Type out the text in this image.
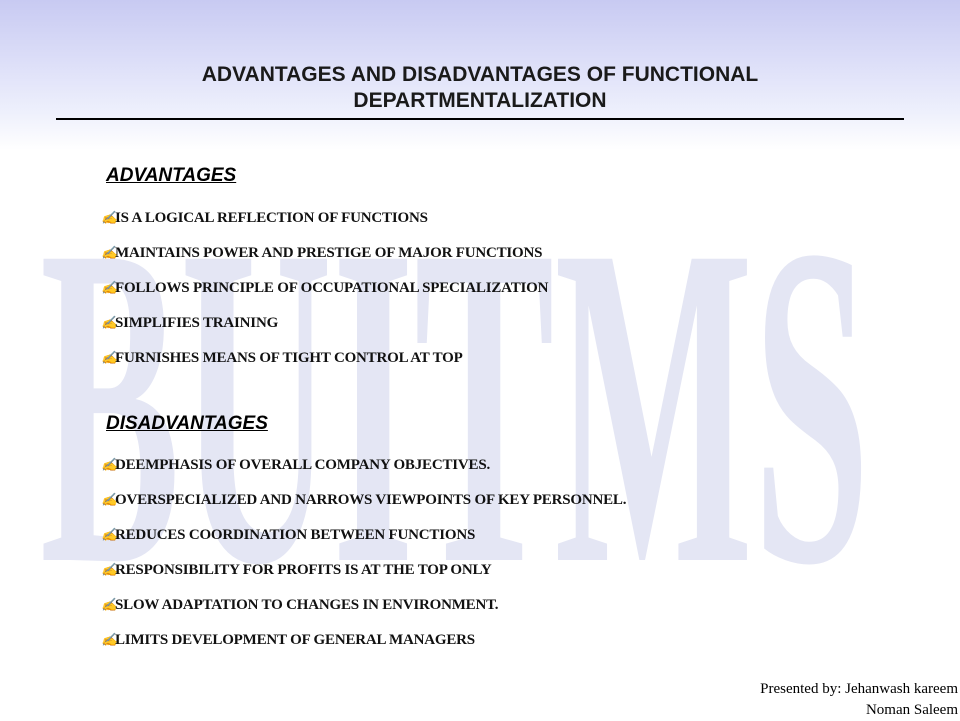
BUITMS
ADVANTAGES AND DISADVANTAGES OF FUNCTIONAL
DEPARTMENTALIZATION
ADVANTAGES
✍
IS A LOGICAL REFLECTION OF FUNCTIONS
✍
MAINTAINS POWER AND PRESTIGE OF MAJOR FUNCTIONS
✍
FOLLOWS PRINCIPLE OF OCCUPATIONAL SPECIALIZATION
✍
SIMPLIFIES TRAINING
✍
FURNISHES MEANS OF TIGHT CONTROL AT TOP
DISADVANTAGES
✍
DEEMPHASIS OF OVERALL COMPANY OBJECTIVES.
✍
OVERSPECIALIZED AND NARROWS VIEWPOINTS OF KEY PERSONNEL.
✍
REDUCES COORDINATION BETWEEN FUNCTIONS
✍
RESPONSIBILITY FOR PROFITS IS AT THE TOP ONLY
✍
SLOW ADAPTATION TO CHANGES IN ENVIRONMENT.
✍
LIMITS DEVELOPMENT OF GENERAL MANAGERS
Presented by: Jehanwash kareem
Noman Saleem
